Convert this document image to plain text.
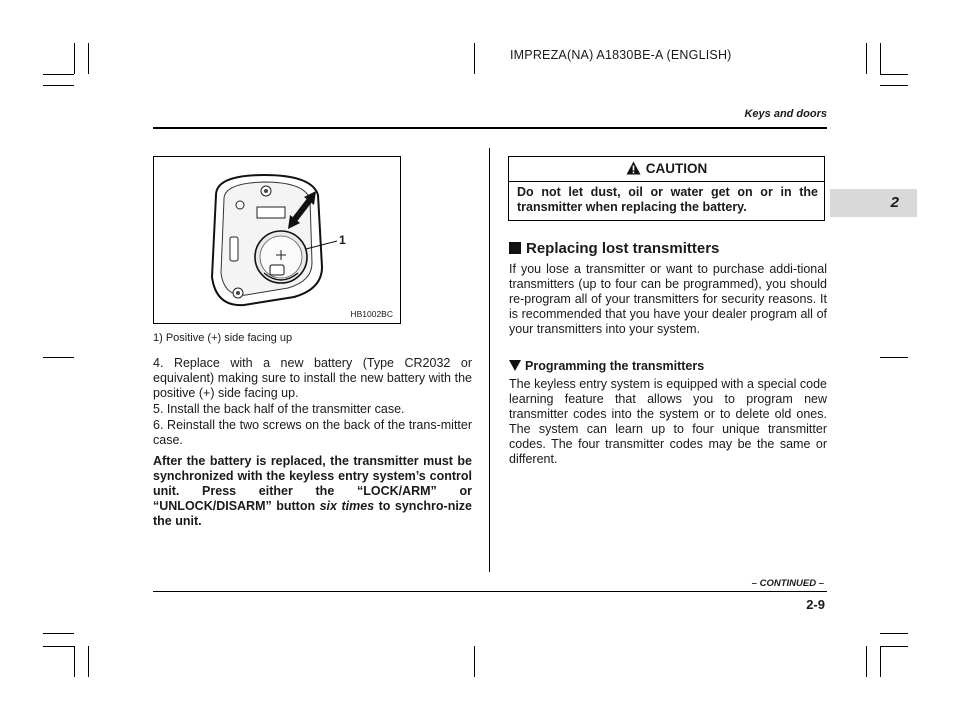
IMPREZA(NA) A1830BE-A (ENGLISH)
Keys and doors
2
1
HB1002BC
1) Positive (+) side facing up

4. Replace with a new battery (Type CR2032 or equivalent) making sure to install the new battery with the positive (+) side facing up.

5. Install the back half of the transmitter case.

6. Reinstall the two screws on the back of the trans-mitter case.

After the battery is replaced, the transmitter must be synchronized with the keyless entry system’s control unit. Press either the “LOCK/ARM” or “UNLOCK/DISARM” button six times to synchro-nize the unit.

CAUTION
Do not let dust, oil or water get on or in the transmitter when replacing the battery.
Replacing lost transmitters

If you lose a transmitter or want to purchase addi-tional transmitters (up to four can be programmed), you should re-program all of your transmitters for security reasons. It is recommended that you have your dealer program all of your transmitters into your system.

Programming the transmitters

The keyless entry system is equipped with a special code learning feature that allows you to program new transmitter codes into the system or to delete old ones. The system can learn up to four unique transmitter codes. The four transmitter codes may be the same or different.

– CONTINUED –
2-9
